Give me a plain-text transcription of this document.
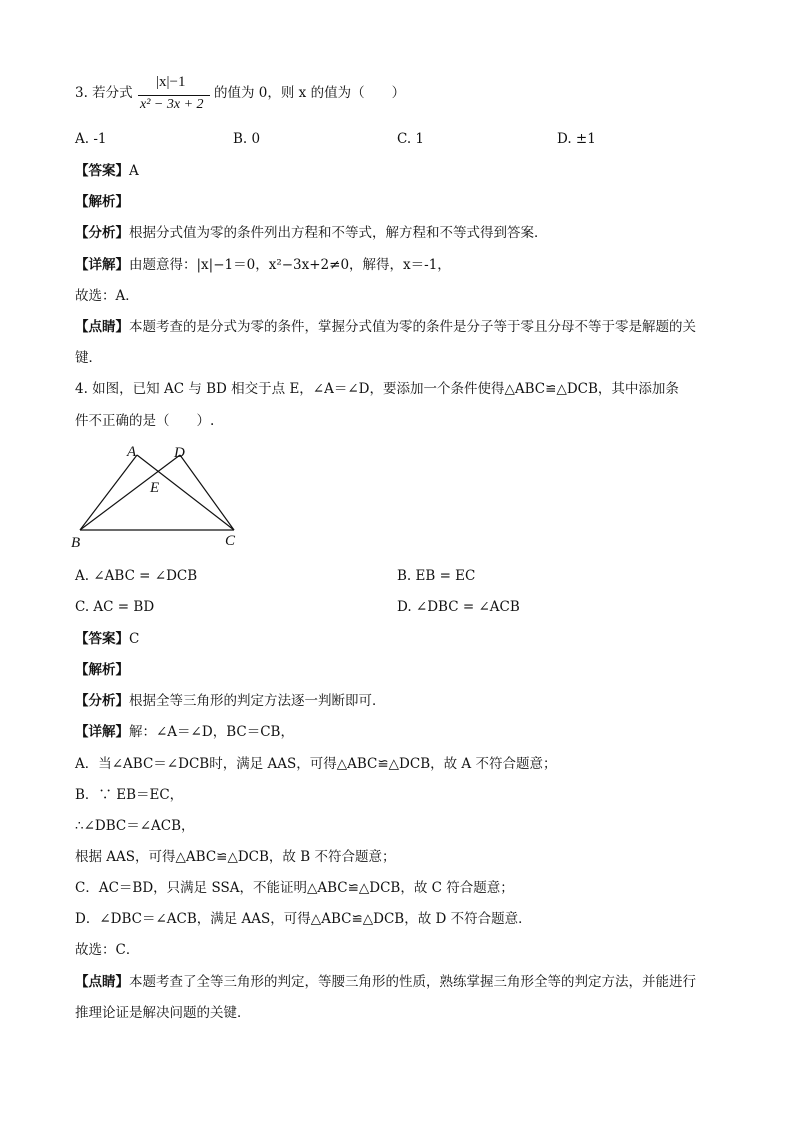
3. 若分式
|x|−1
x² − 3x + 2
的值为 0，则 x 的值为（　　）
A. -1	B. 0	C. 1	D. ±1
【答案】A
【解析】
【分析】根据分式值为零的条件列出方程和不等式，解方程和不等式得到答案．
【详解】由题意得：|x|−1＝0，x²−3x+2≠0，解得，x＝-1，
故选：A．
【点睛】本题考查的是分式为零的条件，掌握分式值为零的条件是分子等于零且分母不等于零是解题的关
键．
4. 如图，已知 AC 与 BD 相交于点 E，∠A＝∠D，要添加一个条件使得△ABC≌△DCB，其中添加条
件不正确的是（　　）.
A	D
E
B	C
A. ∠ABC = ∠DCB	B. EB = EC
C. AC = BD	D. ∠DBC = ∠ACB
【答案】C
【解析】
【分析】根据全等三角形的判定方法逐一判断即可．
【详解】解：∠A＝∠D，BC＝CB，
A．当∠ABC＝∠DCB时，满足 AAS，可得△ABC≌△DCB，故 A 不符合题意；
B．∵ EB＝EC，
∴∠DBC＝∠ACB，
根据 AAS，可得△ABC≌△DCB，故 B 不符合题意；
C．AC＝BD，只满足 SSA，不能证明△ABC≌△DCB，故 C 符合题意；
D．∠DBC＝∠ACB，满足 AAS，可得△ABC≌△DCB，故 D 不符合题意．
故选：C．
【点睛】本题考查了全等三角形的判定，等腰三角形的性质，熟练掌握三角形全等的判定方法，并能进行
推理论证是解决问题的关键．
